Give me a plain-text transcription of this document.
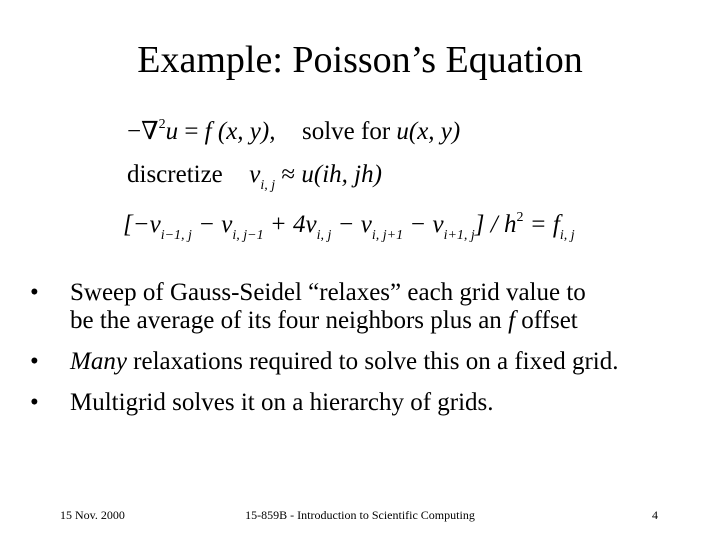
Example: Poisson’s Equation
−∇$^2$u = f (x, y), solve for u(x, y)
discretize $v_{i, j} \approx u(ih$, jh)
$[-v_{i-1, j} - v_{i, j-1} + 4v_{i, j} - v_{i, j+1} - v_{i+1, j}] / h^2 = f_{i, j}$
• Sweep of Gauss-Seidel “relaxes” each grid value to
be the average of its four neighbors plus an f offset
• Many relaxations required to solve this on a fixed grid.
• Multigrid solves it on a hierarchy of grids.
15 Nov. 2000	15-859B - Introduction to Scientific Computing	4
